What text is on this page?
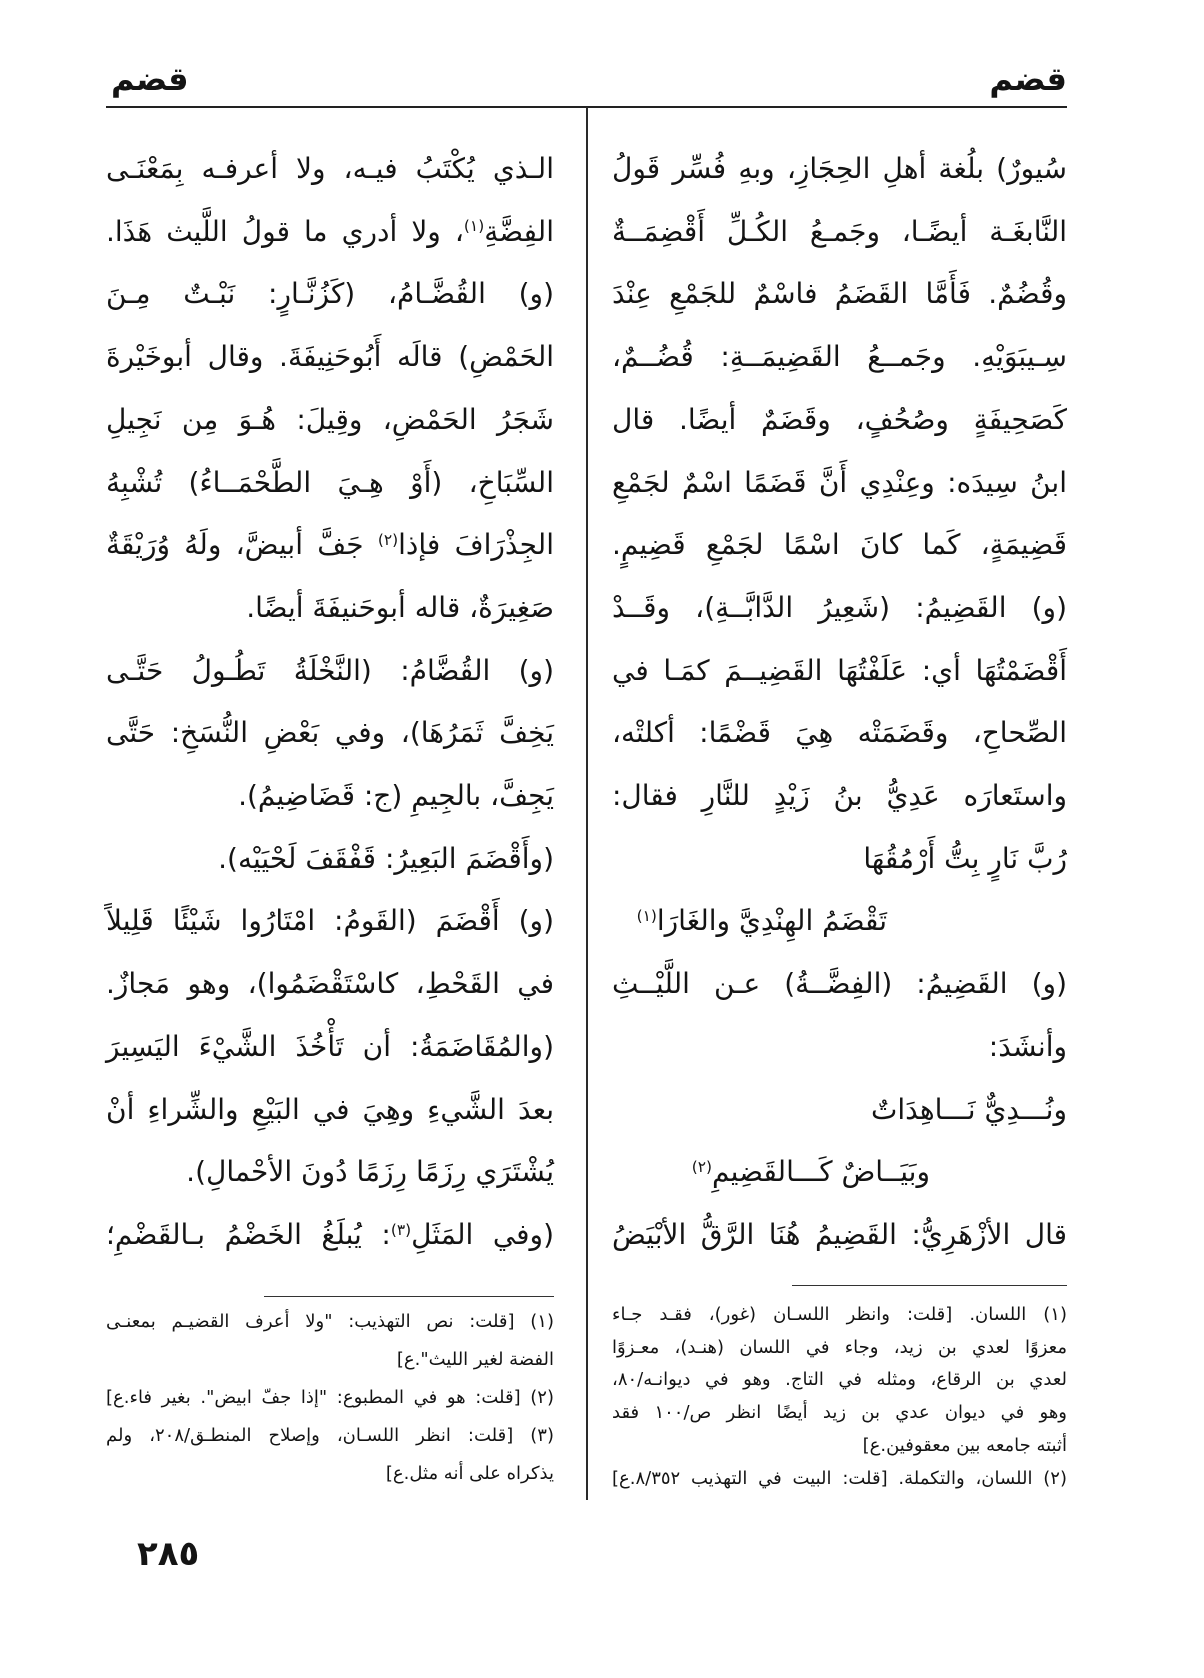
قضم
قضم
سُيورٌ) بلُغة أهلِ الحِجَازِ، وبهِ فُسِّر قَولُ
النَّابغَـة أيضًـا، وجَمـعُ الكُـلِّ أَقْضِمَــةٌ
وقُضُمٌ. فَأَمَّا القَضَمُ فاسْمٌ للجَمْعِ عِنْدَ
سِـيبَوَيْهِ. وجَمــعُ القَضِيمَــةِ: قُضُــمٌ،
كَصَحِيفَةٍ وصُحُفٍ، وقَضَمٌ أيضًا. قال
ابنُ سِيدَه: وعِنْدِي أَنَّ قَضَمًا اسْمٌ لجَمْعِ
قَضِيمَةٍ، كَما كانَ اسْمًا لجَمْعِ قَضِيمٍ.
(و) القَضِيمُ: (شَعِيرُ الدَّابَّــةِ)، وقَــدْ
أَقْضَمْتُهَا أي: عَلَفْتُهَا القَضِيــمَ كمَـا في
الصِّحاحِ، وقَضَمَتْه هِيَ قَضْمًا: أكلتْه،
واستَعارَه عَدِيُّ بنُ زَيْدٍ للنَّارِ فقال:
رُبَّ نَارٍ بِتُّ أَرْمُقُهَا
تَقْضَمُ الهِنْدِيَّ والغَارَا$^{(١)}$
(و) القَضِيمُ: (الفِضَّــةُ) عـن اللَّيْــثِ
وأنشَدَ:
ونُـــدِيٌّ نَـــاهِدَاتٌ
وبَيَــاضٌ كَـــالقَضِيمِ$^{(٢)}$
قال الأزْهَرِيُّ: القَضِيمُ هُنَا الرَّقُّ الأبْيَضُ
(١) اللسان. [قلت: وانظر اللسـان (غور)، فقـد جـاء
معزوًا لعدي بن زيد، وجاء في اللسان (هنـد)، معـزوًا
لعدي بن الرقاع، ومثله في التاج. وهو في ديوانـه/٨٠،
وهو في ديوان عدي بن زيد أيضًا انظر ص/١٠٠ فقد
أثبته جامعه بين معقوفين.ع]
(٢) اللسان، والتكملة. [قلت: البيت في التهذيب ٨/٣٥٢.ع]
الـذي يُكْتَبُ فيـه، ولا أعرفـه بِمَعْنَـى
الفِضَّةِ$^{(١)}$، ولا أدري ما قولُ اللَّيث هَذَا.
(و) القُضَّـامُ، (كَزُنَّـارٍ: نَبْـتٌ مِـنَ
الحَمْضِ) قالَه أَبُوحَنِيفَةَ. وقال أبوخَيْرةَ
شَجَرُ الحَمْضِ، وقِيلَ: هُـوَ مِن نَجِيلِ
السِّبَاخِ، (أَوْ هِـيَ الطَّحْمَــاءُ) تُشْبِهُ
الجِذْرَافَ فإذا$^{(٢)}$ جَفَّ أبيضَّ، ولَهُ وُرَيْقَةٌ
صَغِيرَةٌ، قاله أبوحَنيفَةَ أيضًا.
(و) القُضَّامُ: (النَّخْلَةُ تَطُـولُ حَتَّـى
يَخِفَّ ثَمَرُهَا)، وفي بَعْضِ النُّسَخِ: حَتَّى
يَجِفَّ، بالجِيمِ (ج: قَضَاضِيمُ).
(وأَقْضَمَ البَعِيرُ: قَفْقَفَ لَحْيَيْه).
(و) أَقْضَمَ (القَومُ: امْتَارُوا شَيْئًا قَلِيلاً
في القَحْطِ، كاسْتَقْضَمُوا)، وهو مَجازٌ.
(والمُقَاضَمَةُ: أن تَأْخُذَ الشَّيْءَ اليَسِيرَ
بعدَ الشَّيءِ وهِيَ في البَيْعِ والشِّراءِ أنْ
يُشْتَرَي رِزَمًا رِزَمًا دُونَ الأحْمالِ).
(وفي المَثَلِ$^{(٣)}$: يُبلَغُ الخَضْمُ بـالقَضْمِ؛
(١) [قلت: نص التهذيب: "ولا أعرف القضيـم بمعنـى
الفضة لغير الليث".ع]
(٢) [قلت: هو في المطبوع: "إذا جفّ ابيض". بغير فاء.ع]
(٣) [قلت: انظر اللسـان، وإصلاح المنطـق/٢٠٨، ولم
يذكراه على أنه مثل.ع]
٢٨٥
